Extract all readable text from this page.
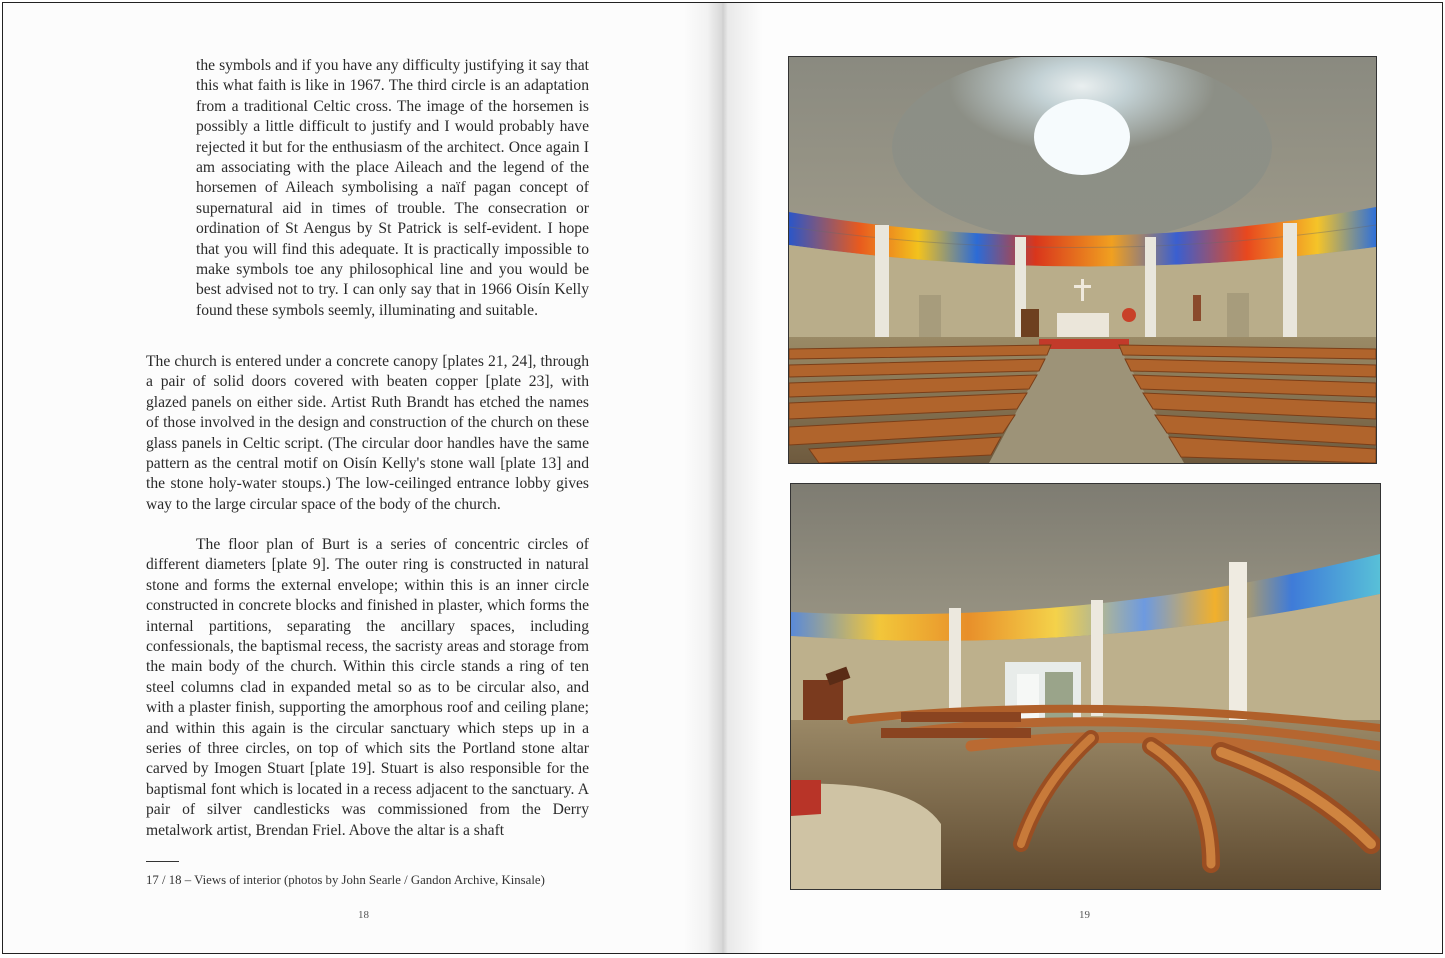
the symbols and if you have any difficulty justifying it say that this what faith is like in 1967. The third circle is an adaptation from a traditional Celtic cross. The image of the horsemen is possibly a little difficult to justify and I would probably have rejected it but for the enthusiasm of the architect. Once again I am associating with the place Aileach and the legend of the horsemen of Aileach symbolising a naïf pagan concept of supernatural aid in times of trouble. The consecration or ordination of St Aengus by St Patrick is self-evident. I hope that you will find this adequate. It is practically impossible to make symbols toe any philosophical line and you would be best advised not to try. I can only say that in 1966 Oisín Kelly found these symbols seemly, illuminating and suitable.

The church is entered under a concrete canopy [plates 21, 24], through a pair of solid doors covered with beaten copper [plate 23], with glazed panels on either side. Artist Ruth Brandt has etched the names of those involved in the design and construction of the church on these glass panels in Celtic script. (The circular door handles have the same pattern as the central motif on Oisín Kelly's stone wall [plate 13] and the stone holy-water stoups.) The low-ceilinged entrance lobby gives way to the large circular space of the body of the church.

The floor plan of Burt is a series of concentric circles of different diameters [plate 9]. The outer ring is constructed in natural stone and forms the external envelope; within this is an inner circle constructed in concrete blocks and finished in plaster, which forms the internal partitions, separating the ancillary spaces, including confessionals, the baptismal recess, the sacristy areas and storage from the main body of the church. Within this circle stands a ring of ten steel columns clad in expanded metal so as to be circular also, and with a plaster finish, supporting the amorphous roof and ceiling plane; and within this again is the circular sanctuary which steps up in a series of three circles, on top of which sits the Portland stone altar carved by Imogen Stuart [plate 19]. Stuart is also responsible for the baptismal font which is located in a recess adjacent to the sanctuary. A pair of silver candlesticks was commissioned from the Derry metalwork artist, Brendan Friel. Above the altar is a shaft

17 / 18 – Views of interior (photos by John Searle / Gandon Archive, Kinsale)
18	19
